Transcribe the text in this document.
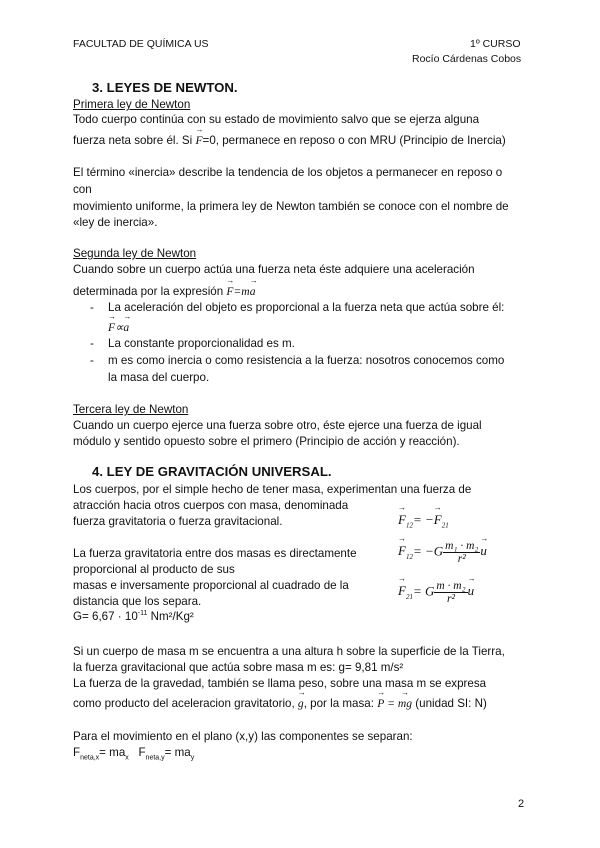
FACULTAD DE QUÍMICA US	1º CURSO
Rocío Cárdenas Cobos
3. LEYES DE NEWTON.
Primera ley de Newton
Todo cuerpo continúa con su estado de movimiento salvo que se ejerza alguna
fuerza neta sobre él. Si → F=0, permanece en reposo o con MRU (Principio de Inercia)
El término «inercia» describe la tendencia de los objetos a permanecer en reposo o
con
movimiento uniforme, la primera ley de Newton también se conoce con el nombre de
«ley de inercia».
Segunda ley de Newton
Cuando sobre un cuerpo actúa una fuerza neta éste adquiere una aceleración
determinada por la expresión → F=m→ a
- La aceleración del objeto es proporcional a la fuerza neta que actúa sobre él:
→ F∝→ a
- La constante proporcionalidad es m.
- m es como inercia o como resistencia a la fuerza: nosotros conocemos como
la masa del cuerpo.
Tercera ley de Newton
Cuando un cuerpo ejerce una fuerza sobre otro, éste ejerce una fuerza de igual
módulo y sentido opuesto sobre el primero (Principio de acción y reacción).
4. LEY DE GRAVITACIÓN UNIVERSAL.
Los cuerpos, por el simple hecho de tener masa, experimentan una fuerza de
atracción hacia otros cuerpos con masa, denominada
fuerza gravitatoria o fuerza gravitacional.
La fuerza gravitatoria entre dos masas es directamente
proporcional al producto de sus
masas e inversamente proporcional al cuadrado de la
distancia que los separa.
$G= 6,67 \cdot 10^{-11}$ Nm²/Kg²
→ $F_{12}= -\to F_{21}$
→ $F_{12}= -G \frac{\text{m₁ · m₂}}{\text{r²}}$
→ u
→ $F_{21}= G \frac{\text{m · m₂}}{\text{r²}}$
→ u
Si un cuerpo de masa m se encuentra a una altura h sobre la superficie de la Tierra,
la fuerza gravitacional que actúa sobre masa m es: g= 9,81 m/s²
La fuerza de la gravedad, también se llama peso, sobre una masa m se expresa
como producto del aceleracion gravitatorio, → g, por la masa: → P = → mg (unidad SI: N)
Para el movimiento en el plano (x,y) las componentes se separan:
$F_{neta,x}= ma_x$ $F_{neta,y}= ma_y$
2
